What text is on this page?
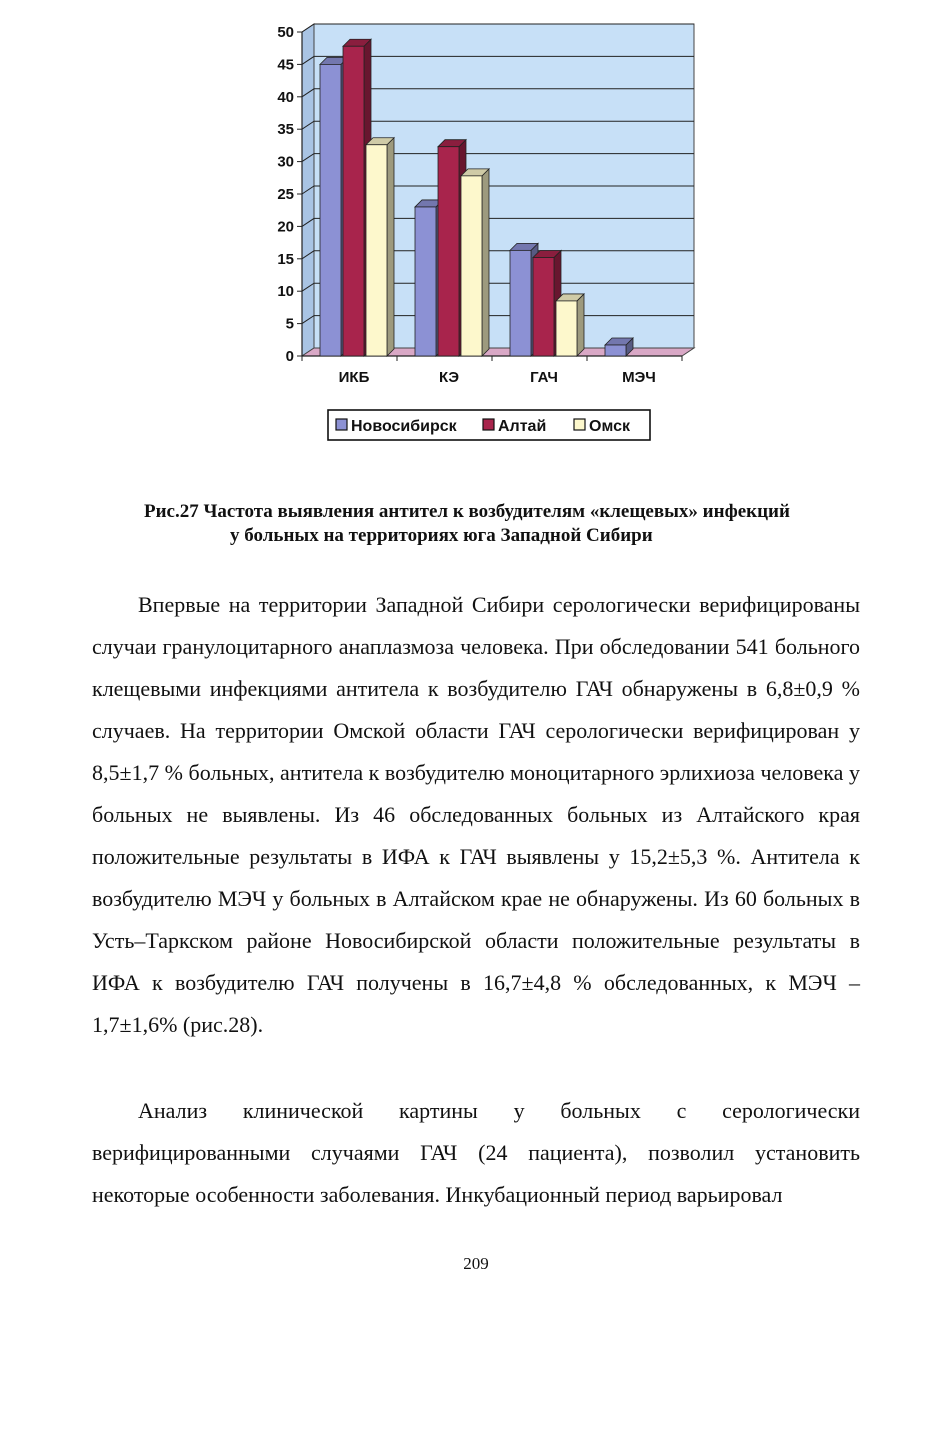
0
5
10
15
20
25
30
35
40
45
50
ИКБ	КЭ	ГАЧ	МЭЧ
Новосибирск	Алтай	Омск
Рис.27 Частота выявления антител к возбудителям «клещевых» инфекций
у больных на территориях юга Западной Сибири

Впервые на территории Западной Сибири серологически верифицированы случаи гранулоцитарного анаплазмоза человека. При обследовании 541 больного клещевыми инфекциями антитела к возбудителю ГАЧ обнаружены в 6,8±0,9 % случаев. На территории Омской области ГАЧ серологически верифицирован у 8,5±1,7 % больных, антитела к возбудителю моноцитарного эрлихиоза человека у больных не выявлены. Из 46 обследованных больных из Алтайского края положительные результаты в ИФА к ГАЧ выявлены у 15,2±5,3 %. Антитела к возбудителю МЭЧ у больных в Алтайском крае не обнаружены. Из 60 больных в Усть–Таркском районе Новосибирской области положительные результаты в ИФА к возбудителю ГАЧ получены в 16,7±4,8 % обследованных, к МЭЧ – 1,7±1,6% (рис.28).

Анализ клинической картины у больных с серологически верифицированными случаями ГАЧ (24 пациента), позволил установить некоторые особенности заболевания. Инкубационный период варьировал

209
